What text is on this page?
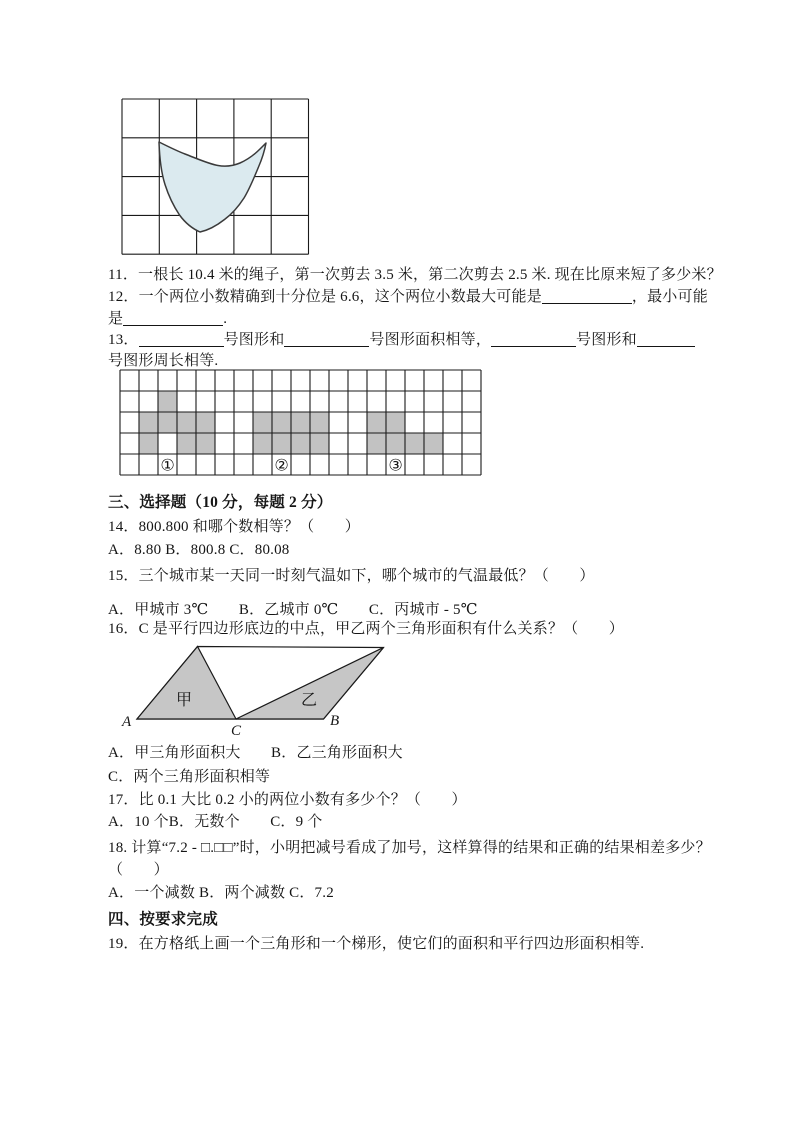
11．一根长 10.4 米的绳子，第一次剪去 3.5 米，第二次剪去 2.5 米. 现在比原来短了多少米？
12．一个两位小数精确到十分位是 6.6，这个两位小数最大可能是	，最小可能
是	.
13．	号图形和	号图形面积相等，	号图形和
号图形周长相等.
①	②	③
三、选择题（10 分，每题 2 分）
14．800.800 和哪个数相等？（　　）
A．8.80 B．800.8 C．80.08
15．三个城市某一天同一时刻气温如下，哪个城市的气温最低？（　　）
A．甲城市 3℃　　B．乙城市 0℃　　C．丙城市 - 5℃
16．C 是平行四边形底边的中点，甲乙两个三角形面积有什么关系？（　　）
甲	乙
A
C
B
A．甲三角形面积大　　B．乙三角形面积大
C．两个三角形面积相等
17．比 0.1 大比 0.2 小的两位小数有多少个？（　　）
A．10 个B．无数个　　C．9 个
18. 计算“7.2 - □.□□”时，小明把减号看成了加号，这样算得的结果和正确的结果相差多少？
（　　）
A．一个减数 B．两个减数 C．7.2
四、按要求完成
19．在方格纸上画一个三角形和一个梯形，使它们的面积和平行四边形面积相等.
